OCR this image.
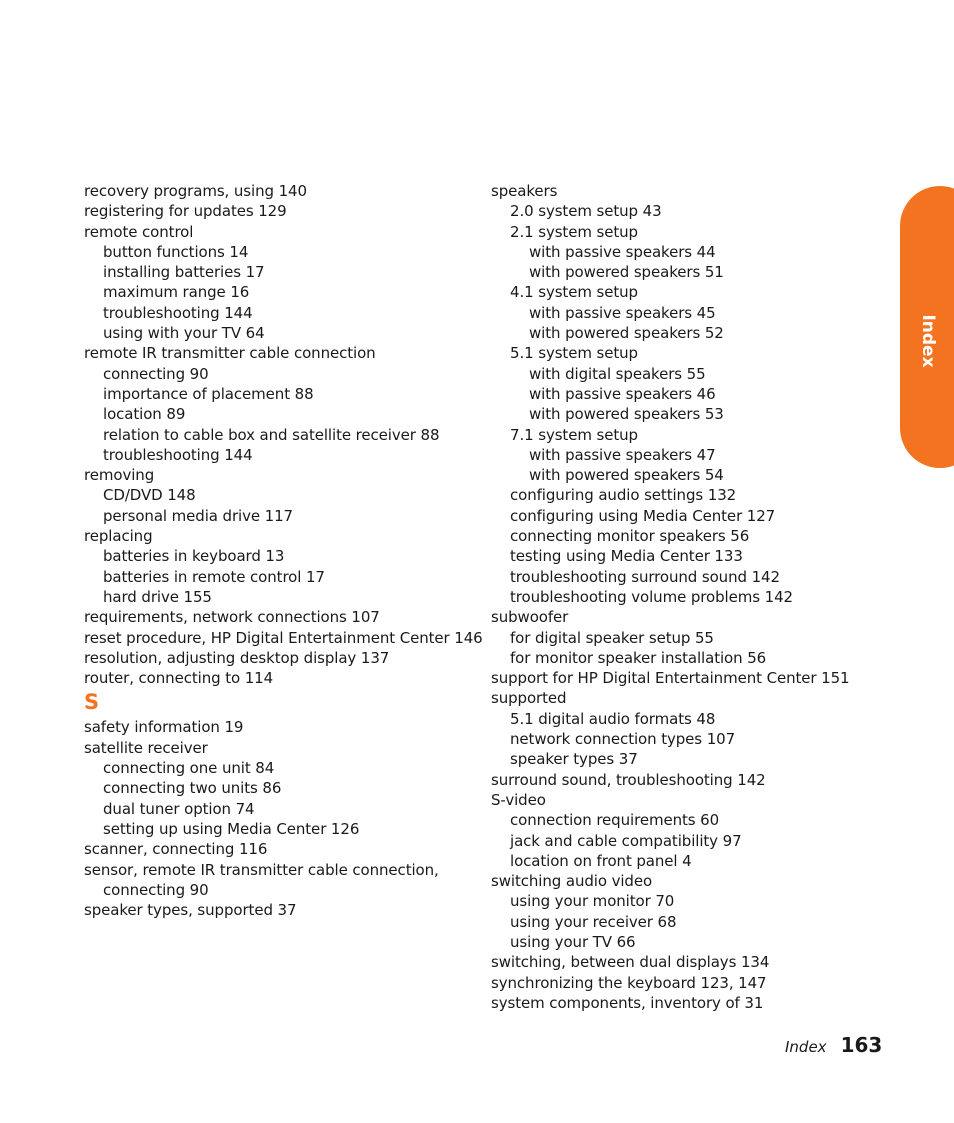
Index
recovery programs, using 140
registering for updates 129
remote control
button functions 14
installing batteries 17
maximum range 16
troubleshooting 144
using with your TV 64
remote IR transmitter cable connection
connecting 90
importance of placement 88
location 89
relation to cable box and satellite receiver 88
troubleshooting 144
removing
CD/DVD 148
personal media drive 117
replacing
batteries in keyboard 13
batteries in remote control 17
hard drive 155
requirements, network connections 107
reset procedure, HP Digital Entertainment Center 146
resolution, adjusting desktop display 137
router, connecting to 114
S
safety information 19
satellite receiver
connecting one unit 84
connecting two units 86
dual tuner option 74
setting up using Media Center 126
scanner, connecting 116
sensor, remote IR transmitter cable connection,
connecting 90
speaker types, supported 37
speakers
2.0 system setup 43
2.1 system setup
with passive speakers 44
with powered speakers 51
4.1 system setup
with passive speakers 45
with powered speakers 52
5.1 system setup
with digital speakers 55
with passive speakers 46
with powered speakers 53
7.1 system setup
with passive speakers 47
with powered speakers 54
configuring audio settings 132
configuring using Media Center 127
connecting monitor speakers 56
testing using Media Center 133
troubleshooting surround sound 142
troubleshooting volume problems 142
subwoofer
for digital speaker setup 55
for monitor speaker installation 56
support for HP Digital Entertainment Center 151
supported
5.1 digital audio formats 48
network connection types 107
speaker types 37
surround sound, troubleshooting 142
S-video
connection requirements 60
jack and cable compatibility 97
location on front panel 4
switching audio video
using your monitor 70
using your receiver 68
using your TV 66
switching, between dual displays 134
synchronizing the keyboard 123, 147
system components, inventory of 31
Index 163
